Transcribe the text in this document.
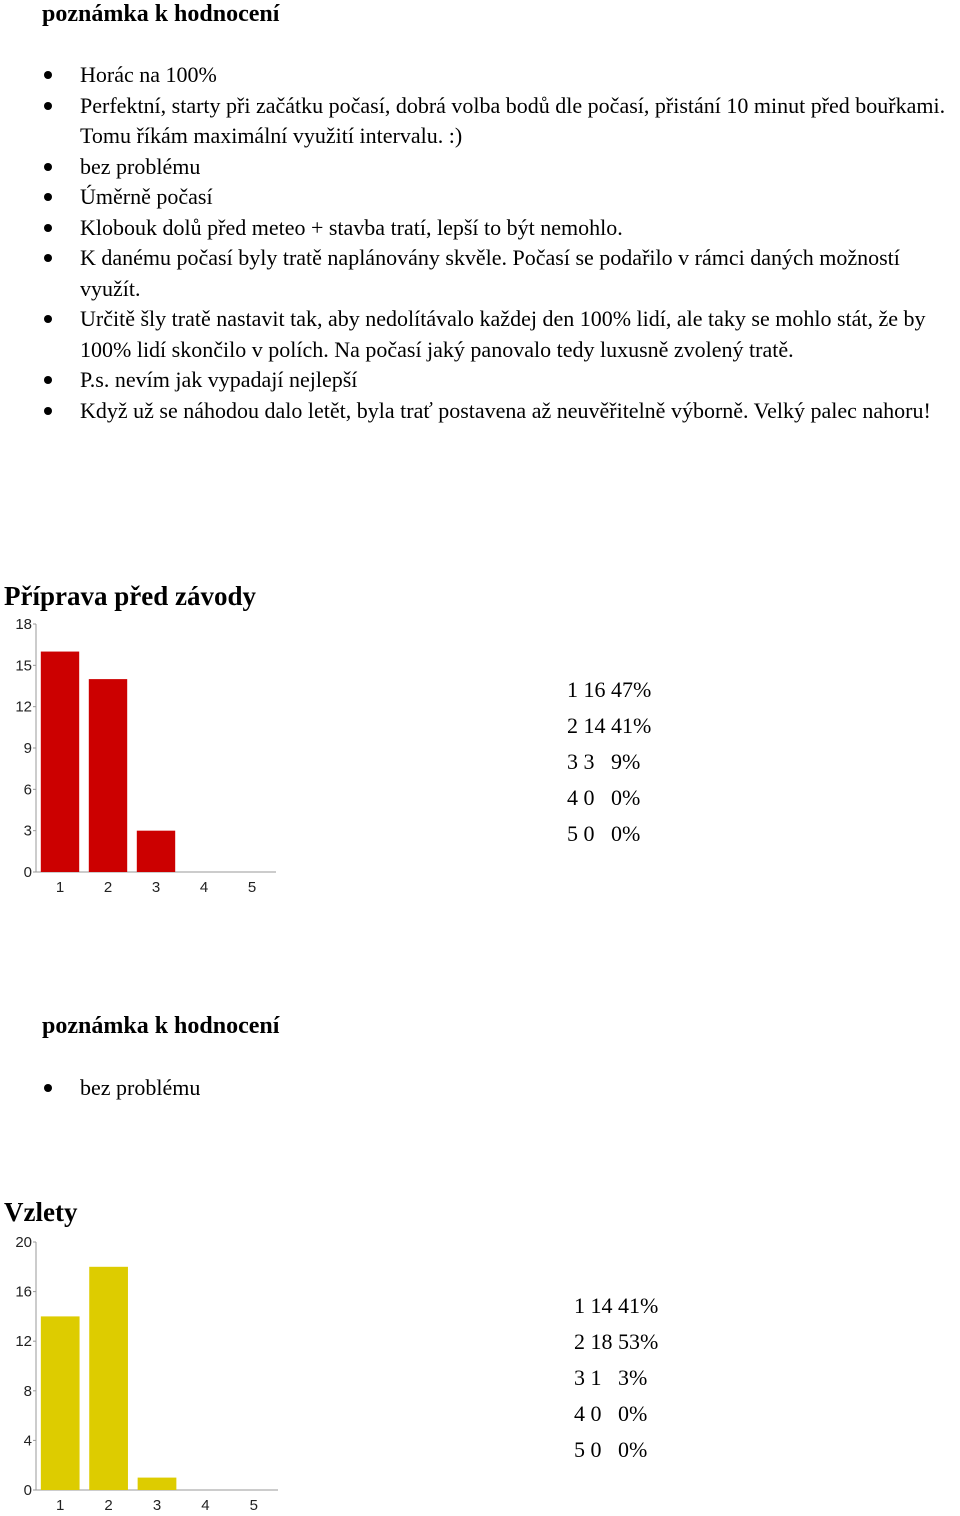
poznámka k hodnocení
Horác na 100%
Perfektní, starty při začátku počasí, dobrá volba bodů dle počasí, přistání 10 minut před bouřkami. Tomu říkám maximální využití intervalu. :)
bez problému
Úměrně počasí
Klobouk dolů před meteo + stavba tratí, lepší to být nemohlo.
K danému počasí byly tratě naplánovány skvěle. Počasí se podařilo v rámci daných možností využít.
Určitě šly tratě nastavit tak, aby nedolítávalo každej den 100% lidí, ale taky se mohlo stát, že by 100% lidí skončilo v polích. Na počasí jaký panovalo tedy luxusně zvolený tratě.
P.s. nevím jak vypadají nejlepší
Když už se náhodou dalo letět, byla trať postavena až neuvěřitelně výborně. Velký palec nahoru!
Příprava před závody
0
3
6
9
12
15
18
1	2	3	4	5
1 16 47%
2 14 41%
3 3   9%
4 0   0%
5 0   0%
poznámka k hodnocení
bez problému
Vzlety
0
4
8
12
16
20
1	2	3	4	5
1 14 41%
2 18 53%
3 1   3%
4 0   0%
5 0   0%
